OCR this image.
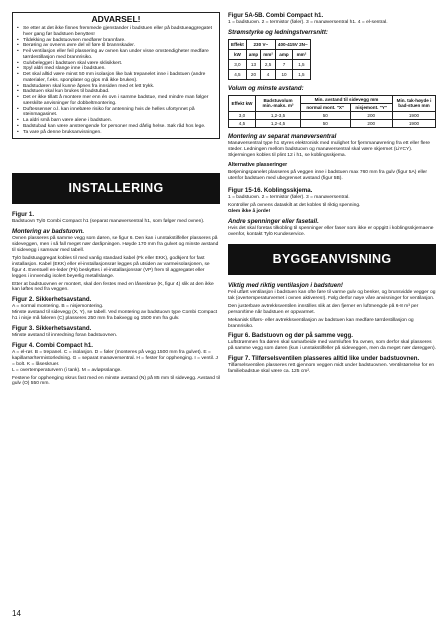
ADVARSEL!
• Se etter at det ikke finnes fremmede gjenstander i badstuen eller på badstueaggregatet hver gang før badstuen benyttes!
• Tildekking av badstuovnen medfører brannfare.
• Berøring av ovnens øvre del vil føre til brannskader.
• Feil ventilasjon eller feil plassering av ovnen kan under visse omstendigheter medføre tørrdestillasjon med brannrisiko.
• Gulvbelegget i badstuen skal være sklisikkert.
• Spyl aldri med slange inne i badstuen.
• Det skal alltid være minst 50 mm isolasjon like bak trepanelet inne i badstuen (andre materialer, f.eks. sponplater og gips må ikke brukes).
• Badstudøren skal kunne åpnes fra innsiden med et lett trykk.
• Badstuen skal kun brukes til badstubad.
• Det er ikke tillatt å montere mer enn én ovn i samme badstue, med mindre man følger særskilte anvisninger for dobbeltmontering.
• Duftessenser o.l. kan innebære risiko for antenning hvis de helles ufortynnet på steinmagasinet.
• La aldri små barn være alene i badstuen.
• Badstubad kan være anstrengende for personer med dårlig helse. Søk råd hos lege.
• Ta vare på denne bruksanvisningen.
INSTALLERING
Figur 1.

Badstuovn Tylö Combi Compact h1 (separat manøversentral h1, som følger med ovnen).

Montering av badstuovn.

Ovnen plasseres på samme vegg som døren, se figur 6. Den kan i unntakstilfeller plasseres på sideveggen, men i så fall meget nær døråpningen. Høyde 170 mm fra gulvet og minste avstand til sidevegg i samsvar med tabell.

Tylö badstuaggregat kobles til med vanlig standard kabel (Fk eller EKK), godkjent for fast installasjon. Kabel (EKK) eller el-installasjonsrør legges på utsiden av varmeisolasjonen, se figur 4. Eventuell en-leder (Fk) beskyttes i el-installasjonsrør (VP) frem til aggregatet eller legges i innvendig isolert beyerlig metallslange.

Etter at badstuovnen er montert, skal den festes med en låseskrue (K, figur 4) slik at den ikke kan løftes ned fra veggen.

Figur 2. Sikkerhetsavstand.

A = normal montering. B = nisjemontering.
Minste avstand til sidevegg (X, Y), se tabell. Ved montering av badstuovn type Combi Compact h1 i nisje må føleren (C) plasseres 250 mm fra bakvegg og 1500 mm fra gulv.

Figur 3. Sikkerhetsavstand.

Minste avstand til innredning foran badstuovnen.

Figur 4. Combi Compact h1.

A = el-rør. B = trepanel. C = isolasjon. D = føler (monteres på vegg 1500 mm fra gulvet). E = kapillarrør/termistorledning. G = separat manøversentral. H = fester for opphenging. I = ventil. J = bolt. K = låseskruer.
L = overtemperaturvern (i tank). M = avløpsslange.

Festene for opphenging skrus fast med en minste avstand (N) på 85 mm til sidevegg. Avstand til gulv (O) 550 mm.

Figur 5A-5B. Combi Compact h1.

1 = badstuovn. 2 = termistor (føler). 3 = manøversentral h1. 4 = el-sentral.

Strømstyrke og ledningstverrsnitt:
Effekt	230 V~		400-415V 2N~	
kW	amp	mm²	amp	mm²
3,0	13	2,5	7	1,5
4,5	20	4	10	1,5
Volum og minste avstand:
Effekt kW	Badstuvolum min.-maks. m³	Min. avstand til sidevegg mm		Min. tak-høyde i bad-stuen mm
		normal mont. "X"	nisjemont. "Y"	
3,0	1,2-3,5	50	200	1900
4,5	1,2-4,5	50	200	1900
Montering av separat manøversentral

Manøversentral type h1 styres elektronisk med mulighet for fjernmanøvrering fra ett eller flere steder. Ledningen mellom badstuovn og manøversentral skal være skjermet (LiYCY). Skjermingen kobles til plint 12 i h1, se koblingsskjema.

Alternative plasseringer

Betjeningspanelet plasseres på veggen inne i badstuen max 760 mm fra gulv (figur 5A) eller utenfor badstuen med ubegrenset avstand (figur 5B).

Figur 15-16. Koblingsskjema.

1 = badstuovn. 2 = termistor (føler). 3 = manøversentral.

Kontroller på ovnens dataskilt at det kobles til riktig spenning.

Glem ikke å jorde!

Andre spenninger eller fasetall.

Hvis det skal foretas tilkobling til spenninger eller faser som ikke er oppgitt i koblingsskjemaene ovenfor, kontakt Tylö Kundeservice.

BYGGEANVISNING
Viktig med riktig ventilasjon i badstuen!

Feil utført ventilasjon i badstuen kan ofte føre til varme gulv og benker, og brunsvidde vegger og tak (overtemperaturvernet i ovnen aktiveres!). Følg derfor nøye våre anvisninger for ventilasjon.

Den justerbare avtrekksventilen innstilles slik at den fjerner en luftmengde på 6-8 m³ per person/time når badstuen er oppvarmet.

Mekanisk tilførs- eller avtrekksventilasjon av badstuen kan medføre tørrdestillasjon og brannrisiko.

Figur 6. Badstuovn og dør på samme vegg.

Luftstrømmen fra døren skal samarbeide med varmluften fra ovnen, som derfor skal plasseres på samme vegg som døren (kun i unntakstilfeller på sideveggen, men da meget nær døreggen).

Figur 7. Tilførselsventilen plasseres alltid like under badstuovnen.

Tilførselsventilen plasseres rett gjennom veggen midt under badstuovnen. Ventilstørrelse for en familiebadstue skal være ca. 125 cm².

14
